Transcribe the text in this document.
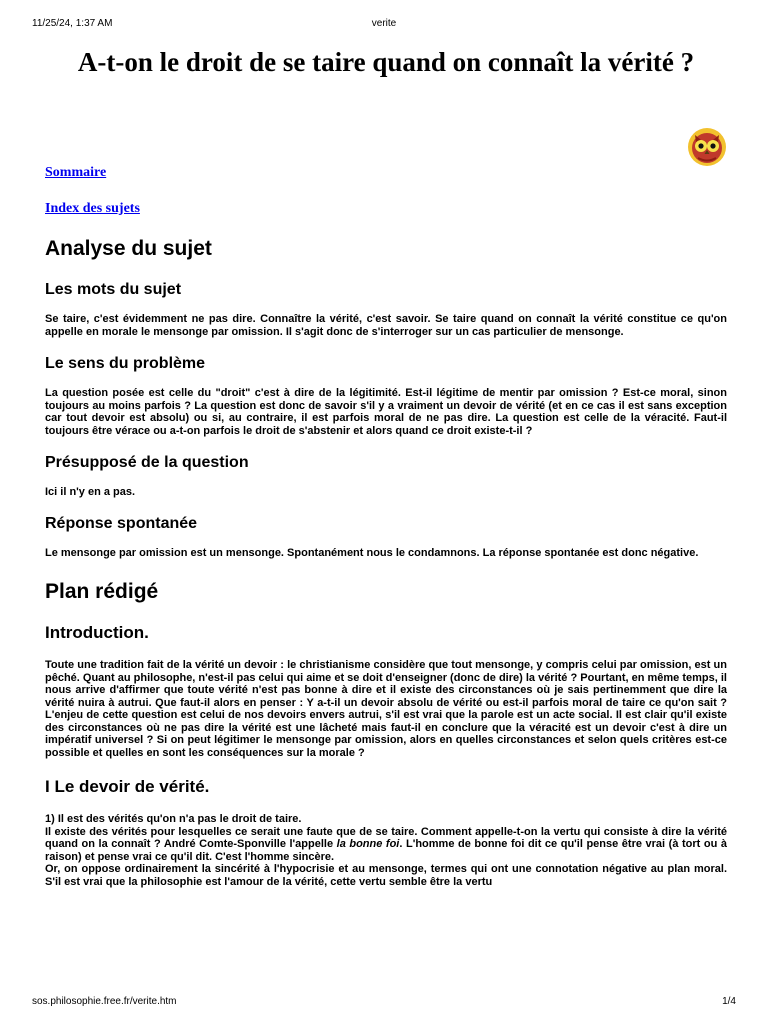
11/25/24, 1:37 AM	verite
A-t-on le droit de se taire quand on connaît la vérité ?
Sommaire
Index des sujets
Analyse du sujet
Les mots du sujet

Se taire, c'est évidemment ne pas dire. Connaître la vérité, c'est savoir. Se taire quand on connaît la vérité constitue ce qu'on appelle en morale le mensonge par omission. Il s'agit donc de s'interroger sur un cas particulier de mensonge.

Le sens du problème

La question posée est celle du "droit" c'est à dire de la légitimité. Est-il légitime de mentir par omission ? Est-ce moral, sinon toujours au moins parfois ? La question est donc de savoir s'il y a vraiment un devoir de vérité (et en ce cas il est sans exception car tout devoir est absolu) ou si, au contraire, il est parfois moral de ne pas dire. La question est celle de la véracité. Faut-il toujours être vérace ou a-t-on parfois le droit de s'abstenir et alors quand ce droit existe-t-il ?

Présupposé de la question

Ici il n'y en a pas.

Réponse spontanée

Le mensonge par omission est un mensonge. Spontanément nous le condamnons. La réponse spontanée est donc négative.

Plan rédigé
Introduction.

Toute une tradition fait de la vérité un devoir : le christianisme considère que tout mensonge, y compris celui par omission, est un pêché. Quant au philosophe, n'est-il pas celui qui aime et se doit d'enseigner (donc de dire) la vérité ? Pourtant, en même temps, il nous arrive d'affirmer que toute vérité n'est pas bonne à dire et il existe des circonstances où je sais pertinemment que dire la vérité nuira à autrui. Que faut-il alors en penser : Y a-t-il un devoir absolu de vérité ou est-il parfois moral de taire ce qu'on sait ? L'enjeu de cette question est celui de nos devoirs envers autrui, s'il est vrai que la parole est un acte social. Il est clair qu'il existe des circonstances où ne pas dire la vérité est une lâcheté mais faut-il en conclure que la véracité est un devoir c'est à dire un impératif universel ? Si on peut légitimer le mensonge par omission, alors en quelles circonstances et selon quels critères est-ce possible et quelles en sont les conséquences sur la morale ?

I Le devoir de vérité.

1) Il est des vérités qu'on n'a pas le droit de taire.

Il existe des vérités pour lesquelles ce serait une faute que de se taire. Comment appelle-t-on la vertu qui consiste à dire la vérité quand on la connaît ? André Comte-Sponville l'appelle la bonne foi. L'homme de bonne foi dit ce qu'il pense être vrai (à tort ou à raison) et pense vrai ce qu'il dit. C'est l'homme sincère.

Or, on oppose ordinairement la sincérité à l'hypocrisie et au mensonge, termes qui ont une connotation négative au plan moral. S'il est vrai que la philosophie est l'amour de la vérité, cette vertu semble être la vertu

sos.philosophie.free.fr/verite.htm	1/4
